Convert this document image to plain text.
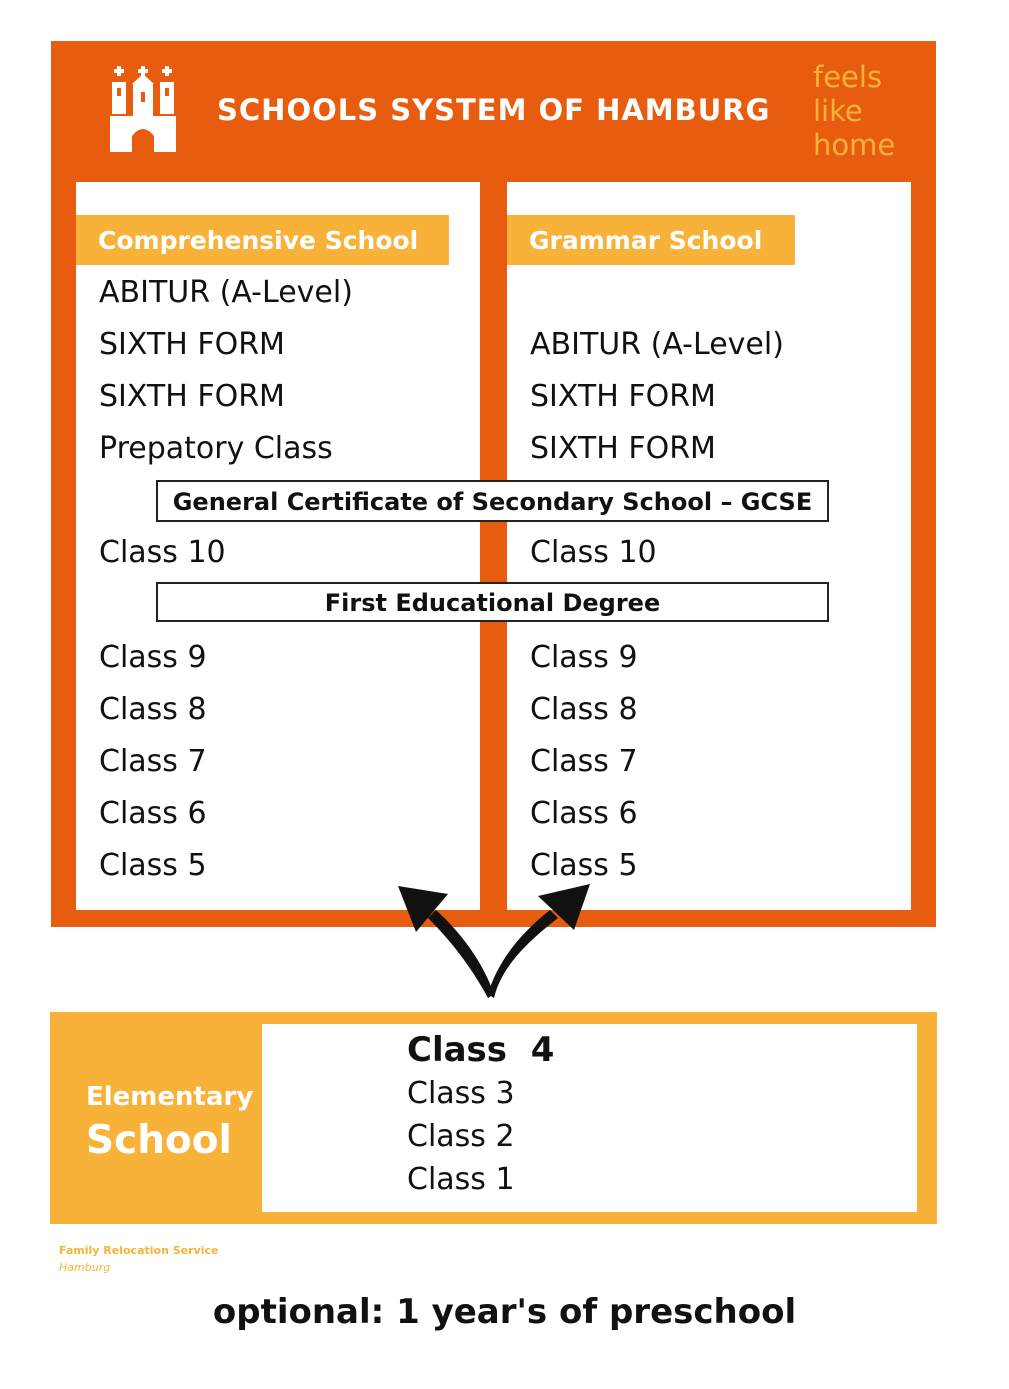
SCHOOLS SYSTEM OF HAMBURG
feels
like
home
Comprehensive School	Grammar School
ABITUR (A-Level)
SIXTH FORM
SIXTH FORM
Prepatory Class
Class 10
Class 9
Class 8
Class 7
Class 6
Class 5
ABITUR (A-Level)
SIXTH FORM
SIXTH FORM
Class 10
Class 9
Class 8
Class 7
Class 6
Class 5
General Certificate of Secondary School – GCSE
First Educational Degree
Elementary
School
Class  4
Class 3
Class 2
Class 1
Family Relocation Service
Hamburg
optional: 1 year's of preschool
